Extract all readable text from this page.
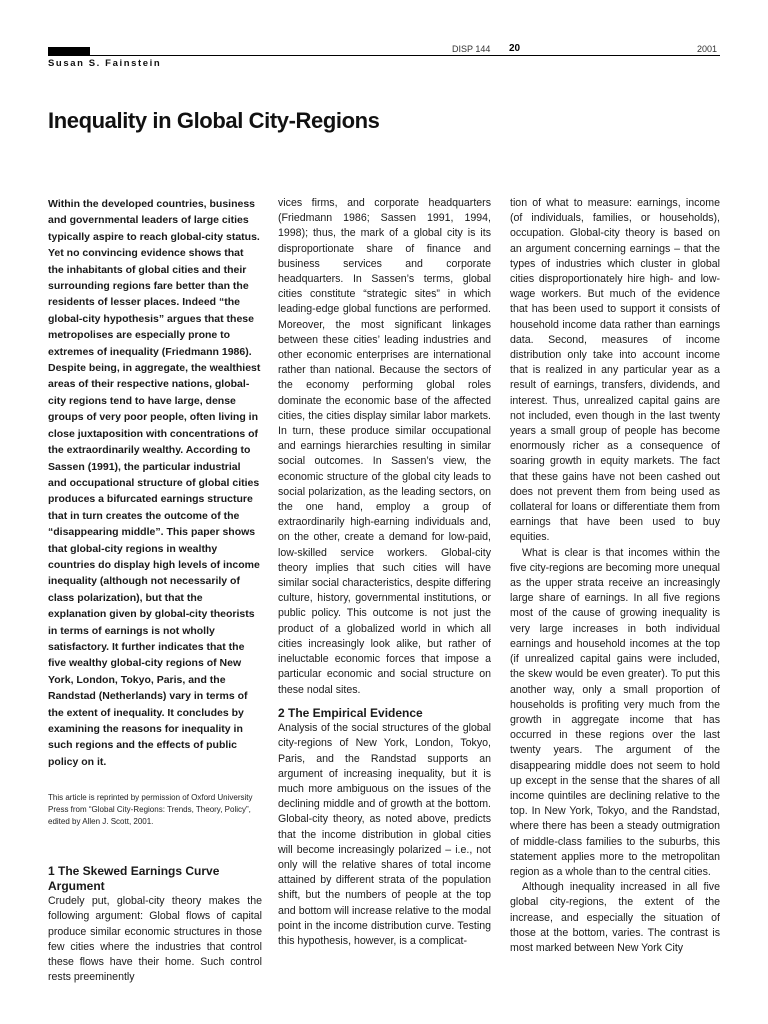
DISP 144 20	2001
Susan S. Fainstein
Inequality in Global City-Regions

Within the developed countries, business and governmental leaders of large cities typically aspire to reach global-city status. Yet no convincing evidence shows that the inhabitants of global cities and their surrounding regions fare better than the residents of lesser places. Indeed “the global-city hypothesis” argues that these metropolises are especially prone to extremes of inequality (Friedmann 1986). Despite being, in aggregate, the wealthiest areas of their respective nations, global-city regions tend to have large, dense groups of very poor people, often living in close juxtaposition with concentrations of the extraordinarily wealthy. According to Sassen (1991), the particular industrial and occupational structure of global cities produces a bifurcated earnings structure that in turn creates the outcome of the “disappearing middle”. This paper shows that global-city regions in wealthy countries do display high levels of income inequality (although not necessarily of class polarization), but that the explanation given by global-city theorists in terms of earnings is not wholly satisfactory. It further indicates that the five wealthy global-city regions of New York, London, Tokyo, Paris, and the Randstad (Netherlands) vary in terms of the extent of inequality. It concludes by examining the reasons for inequality in such regions and the effects of public policy on it.

This article is reprinted by permission of Oxford University Press from “Global City-Regions: Trends, Theory, Policy”, edited by Allen J. Scott, 2001.

1 The Skewed Earnings Curve Argument

Crudely put, global-city theory makes the following argument: Global flows of capital produce similar economic structures in those few cities where the industries that control these flows have their home. Such control rests preeminently

vices firms, and corporate headquarters (Friedmann 1986; Sassen 1991, 1994, 1998); thus, the mark of a global city is its disproportionate share of finance and business services and corporate headquarters. In Sassen’s terms, global cities constitute “strategic sites” in which leading-edge global functions are performed. Moreover, the most significant linkages between these cities’ leading industries and other economic enterprises are international rather than national. Because the sectors of the economy performing global roles dominate the economic base of the affected cities, the cities display similar labor markets. In turn, these produce similar occupational and earnings hierarchies resulting in similar social outcomes. In Sassen’s view, the economic structure of the global city leads to social polarization, as the leading sectors, on the one hand, employ a group of extraordinarily high-earning individuals and, on the other, create a demand for low-paid, low-skilled service workers. Global-city theory implies that such cities will have similar social characteristics, despite differing culture, history, governmental institutions, or public policy. This outcome is not just the product of a globalized world in which all cities increasingly look alike, but rather of ineluctable economic forces that impose a particular economic and social structure on these nodal sites.

2 The Empirical Evidence

Analysis of the social structures of the global city-regions of New York, London, Tokyo, Paris, and the Randstad supports an argument of increasing inequality, but it is much more ambiguous on the issues of the declining middle and of growth at the bottom. Global-city theory, as noted above, predicts that the income distribution in global cities will become increasingly polarized – i.e., not only will the relative shares of total income attained by different strata of the population shift, but the numbers of people at the top and bottom will increase relative to the modal point in the income distribution curve. Testing this hypothesis, however, is a complicat-

tion of what to measure: earnings, income (of individuals, families, or households), occupation. Global-city theory is based on an argument concerning earnings – that the types of industries which cluster in global cities disproportionately hire high- and low-wage workers. But much of the evidence that has been used to support it consists of household income data rather than earnings data. Second, measures of income distribution only take into account income that is realized in any particular year as a result of earnings, transfers, dividends, and interest. Thus, unrealized capital gains are not included, even though in the last twenty years a small group of people has become enormously richer as a consequence of soaring growth in equity markets. The fact that these gains have not been cashed out does not prevent them from being used as collateral for loans or differentiate them from earnings that have been used to buy equities.

What is clear is that incomes within the five city-regions are becoming more unequal as the upper strata receive an increasingly large share of earnings. In all five regions most of the cause of growing inequality is very large increases in both individual earnings and household incomes at the top (if unrealized capital gains were included, the skew would be even greater). To put this another way, only a small proportion of households is profiting very much from the growth in aggregate income that has occurred in these regions over the last twenty years. The argument of the disappearing middle does not seem to hold up except in the sense that the shares of all income quintiles are declining relative to the top. In New York, Tokyo, and the Randstad, where there has been a steady outmigration of middle-class families to the suburbs, this statement applies more to the metropolitan region as a whole than to the central cities.

Although inequality increased in all five global city-regions, the extent of the increase, and especially the situation of those at the bottom, varies. The contrast is most marked between New York City
